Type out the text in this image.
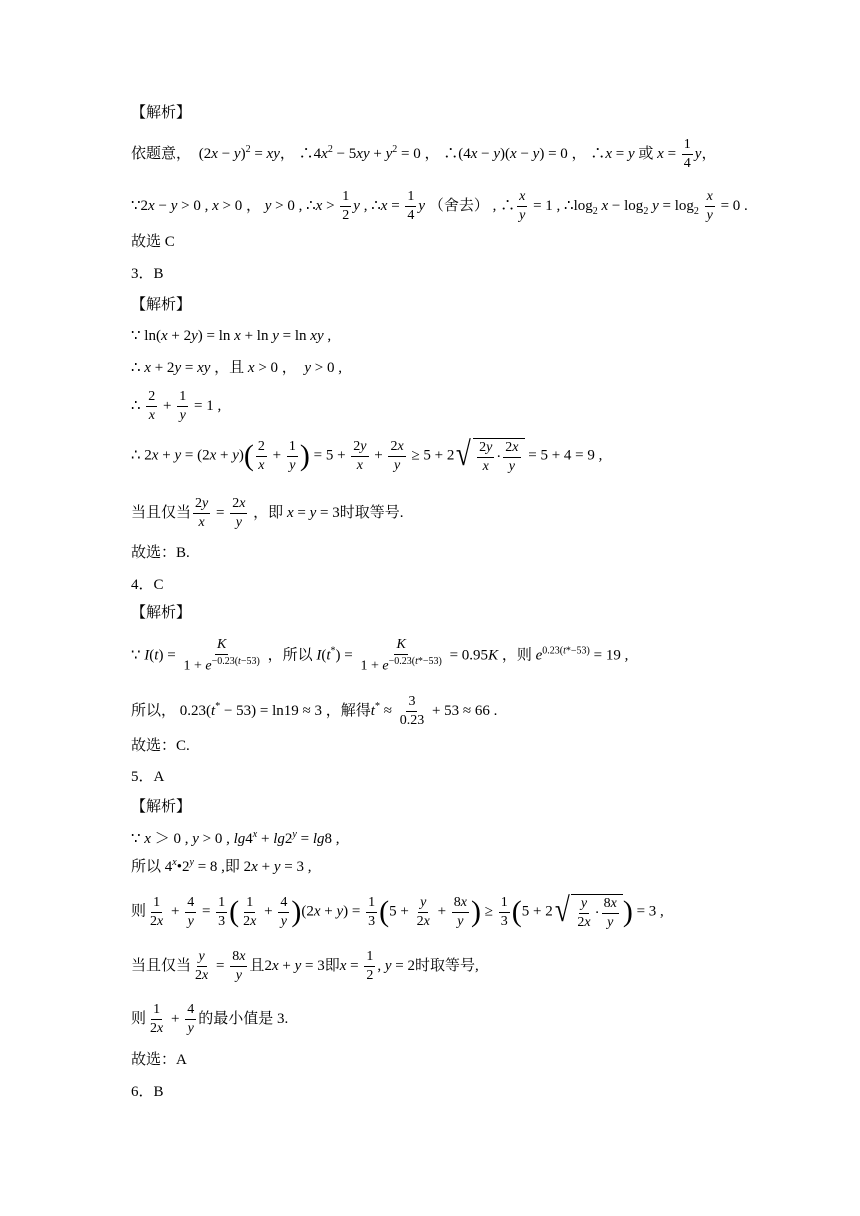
【解析】
依题意， $(2x - y)^2$ = xy， $\therefore 4x^2 - 5xy + y^2 = 0$ ， ∴(4x − y)(x − y) = 0 ， ∴x = y 或 $x = \frac{1}{4}$ y，
∵2x − y > 0 , x > 0 ， y > 0 , ∴x > $\frac{1}{2}$ y , ∴x = $\frac{1}{4}$ y （舍去） , ∴ $\frac{x}{y} = 1$ , $\therefore\log_2$ $x - \log_2 y = \log_2 \frac{x}{y} = 0$ .
故选 C
3．B
【解析】
∵ ln(x + 2y) = ln x + ln y = ln xy ,
∴ x + 2y = xy ，且 x > 0 ，  y > 0 ,
∴ $\frac{2}{x} + \frac{1}{y} = 1$ ,
∴ $2x + y = (2x + y)( \frac{2}{x} + \frac{1}{y}$ ) = $5 + \frac{2y}{x} + \frac{2x}{y} \ge 5 + 2$ √ $\frac{2y}{x} \cdot \frac{2x}{y} = 5 + 4 = 9$ ,
当且仅当 $\frac{2y}{x} = \frac{2x}{y}$ ，即 x = y = 3时取等号.
故选：B.
4．C
【解析】
∵ $I(t) = \frac{K}{1 + e^{-0.23(t-53)}}$ ，所以 $I(t^*) = \frac{K}{1 + e^{-0.23(t*-53)}} = 0.95K$ ，则 $e^{0.23(t*-53)} = 19$ ,
所以， 0.23(t* − 53) = ln19 ≈ 3 ，解得$t^* \approx \frac{3}{0.23} + 53 \approx 66$ .
故选：C.
5．A
【解析】
∵ x ＞ 0 , y > 0 , $\lg 4^x + \lg 2^y = \lg 8$ ,
所以 $4^x•2^y = 8$ ,即 2x + y = 3 ,
则 $\frac{1}{2x} + \frac{4}{y} = \frac{1}{3}$ ( $\frac{1}{2x} + \frac{4}{y} )(2x + y) = \frac{1}{3} (5 + \frac{y}{2x} + \frac{8x}{y}$ ) ≥ $\frac{1}{3} (5 + 2$ √ $\frac{y}{2x} \cdot \frac{8x}{y}$ ) = 3 ,
当且仅当 $\frac{y}{2x} = \frac{8x}{y}$ 且2x + y = 3即$x = \frac{1}{2}$ , y = 2时取等号,
则 $\frac{1}{2x} + \frac{4}{y}$ 的最小值是 3.
故选：A
6．B
